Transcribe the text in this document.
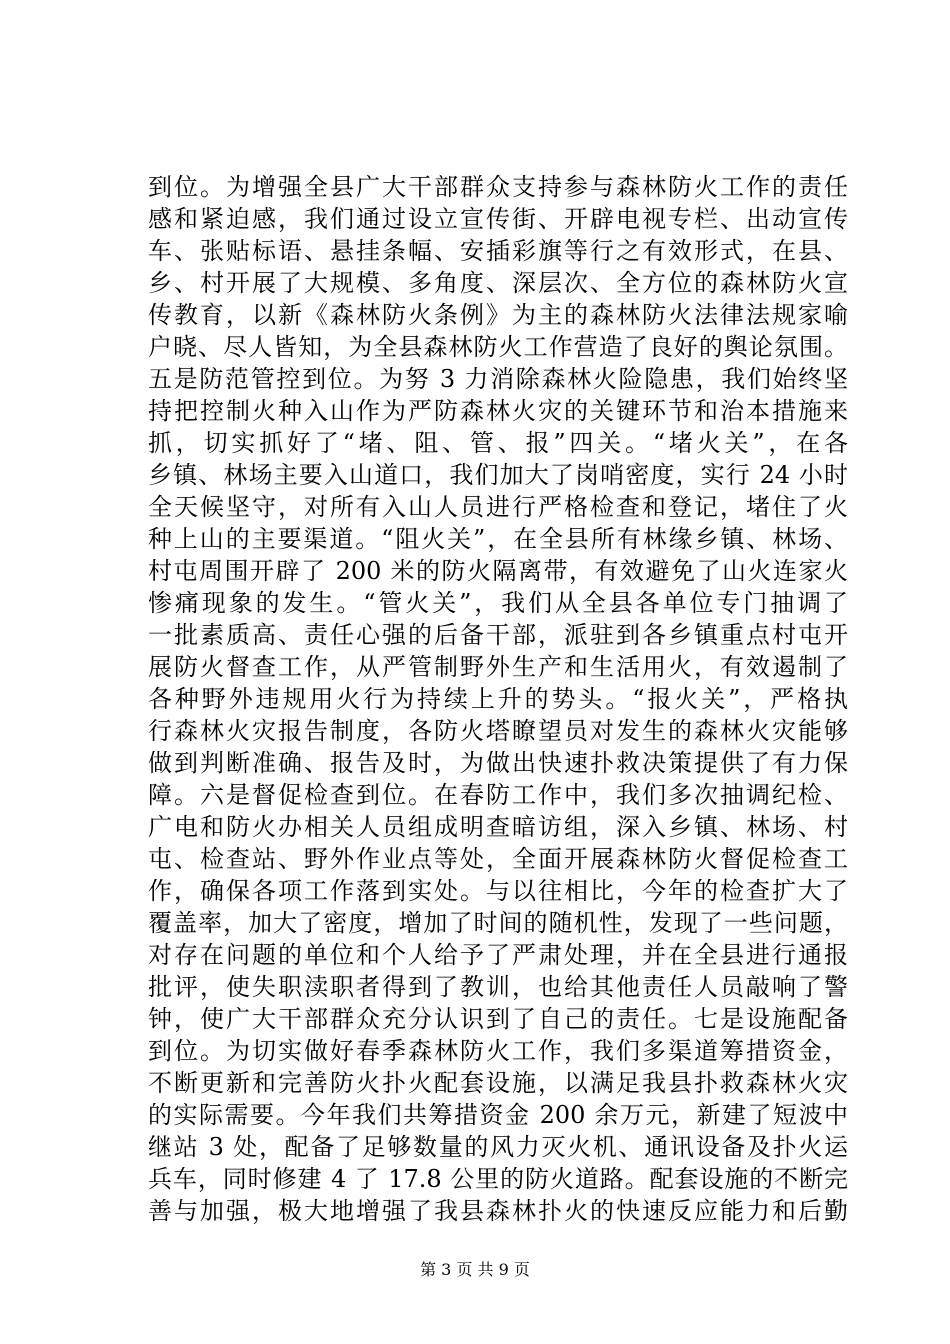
到位。为增强全县广大干部群众支持参与森林防火工作的责任
感和紧迫感，我们通过设立宣传街、开辟电视专栏、出动宣传
车、张贴标语、悬挂条幅、安插彩旗等行之有效形式，在县、
乡、村开展了大规模、多角度、深层次、全方位的森林防火宣
传教育，以新《森林防火条例》为主的森林防火法律法规家喻
户晓、尽人皆知，为全县森林防火工作营造了良好的舆论氛围。
五是防范管控到位。为努 3 力消除森林火险隐患，我们始终坚
持把控制火种入山作为严防森林火灾的关键环节和治本措施来
抓，切实抓好了“堵、阻、管、报”四关。“堵火关”，在各
乡镇、林场主要入山道口，我们加大了岗哨密度，实行 24 小时
全天候坚守，对所有入山人员进行严格检查和登记，堵住了火
种上山的主要渠道。“阻火关”，在全县所有林缘乡镇、林场、
村屯周围开辟了 200 米的防火隔离带，有效避免了山火连家火
惨痛现象的发生。“管火关”，我们从全县各单位专门抽调了
一批素质高、责任心强的后备干部，派驻到各乡镇重点村屯开
展防火督查工作，从严管制野外生产和生活用火，有效遏制了
各种野外违规用火行为持续上升的势头。“报火关”，严格执
行森林火灾报告制度，各防火塔瞭望员对发生的森林火灾能够
做到判断准确、报告及时，为做出快速扑救决策提供了有力保
障。六是督促检查到位。在春防工作中，我们多次抽调纪检、
广电和防火办相关人员组成明查暗访组，深入乡镇、林场、村
屯、检查站、野外作业点等处，全面开展森林防火督促检查工
作，确保各项工作落到实处。与以往相比，今年的检查扩大了
覆盖率，加大了密度，增加了时间的随机性，发现了一些问题，
对存在问题的单位和个人给予了严肃处理，并在全县进行通报
批评，使失职渎职者得到了教训，也给其他责任人员敲响了警
钟，使广大干部群众充分认识到了自己的责任。七是设施配备
到位。为切实做好春季森林防火工作，我们多渠道筹措资金，
不断更新和完善防火扑火配套设施，以满足我县扑救森林火灾
的实际需要。今年我们共筹措资金 200 余万元，新建了短波中
继站 3 处，配备了足够数量的风力灭火机、通讯设备及扑火运
兵车，同时修建 4 了 17.8 公里的防火道路。配套设施的不断完
善与加强，极大地增强了我县森林扑火的快速反应能力和后勤
第 3 页 共 9 页
